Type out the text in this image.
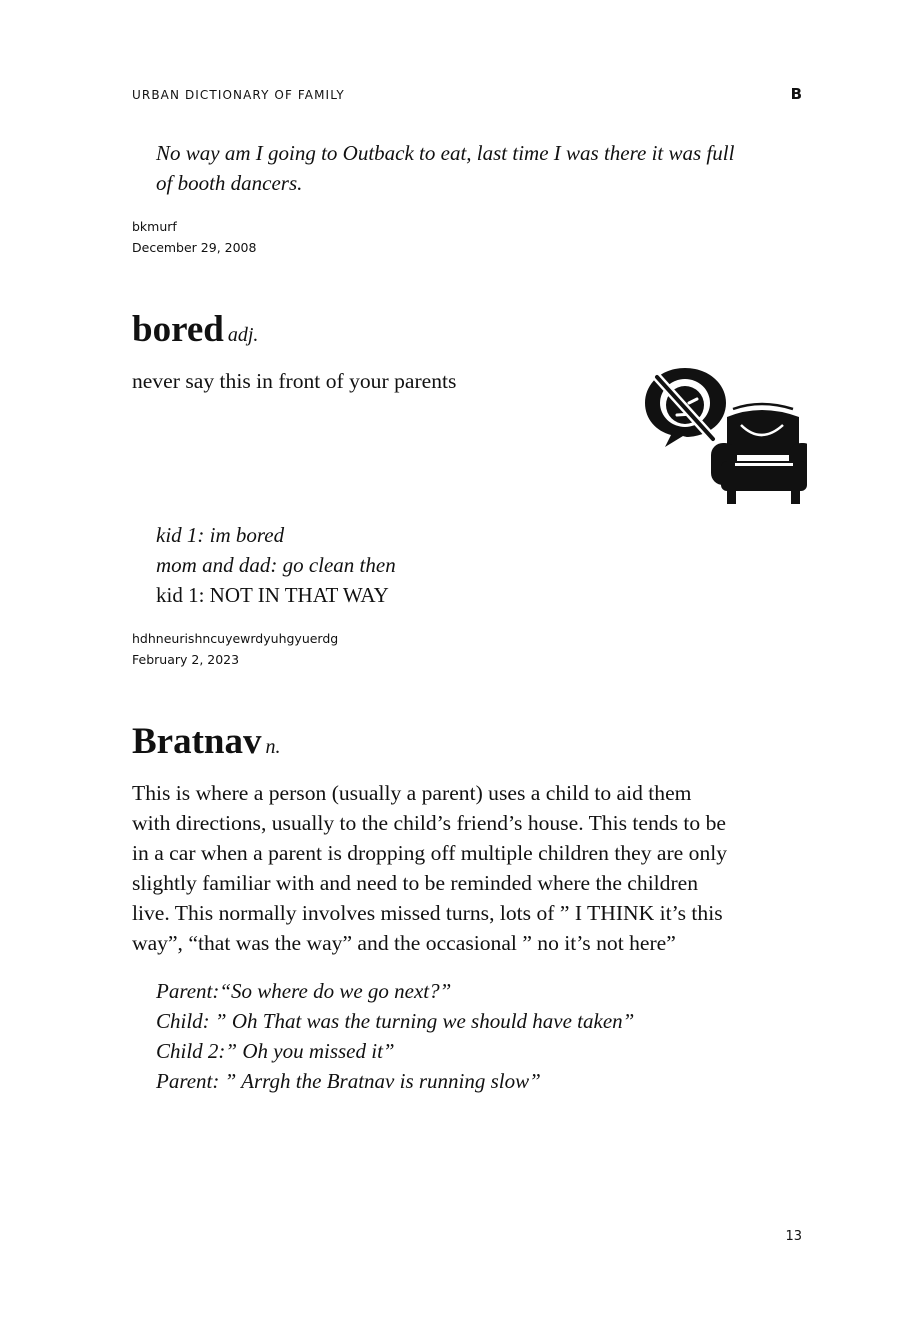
URBAN DICTIONARY OF FAMILY	B
No way am I going to Outback to eat, last time I was there it was full
of booth dancers.
bkmurf
December 29, 2008
bored adj.
never say this in front of your parents
kid 1: im bored
mom and dad: go clean then
kid 1: NOT IN THAT WAY
hdhneurishncuyewrdyuhgyuerdg
February 2, 2023
Bratnav n.
This is where a person (usually a parent) uses a child to aid them
with directions, usually to the child’s friend’s house. This tends to be
in a car when a parent is dropping off multiple children they are only
slightly familiar with and need to be reminded where the children
live. This normally involves missed turns, lots of ” I THINK it’s this
way”, “that was the way” and the occasional ” no it’s not here”
Parent:“So where do we go next?”
Child: ” Oh That was the turning we should have taken”
Child 2:” Oh you missed it”
Parent: ” Arrgh the Bratnav is running slow”
13
